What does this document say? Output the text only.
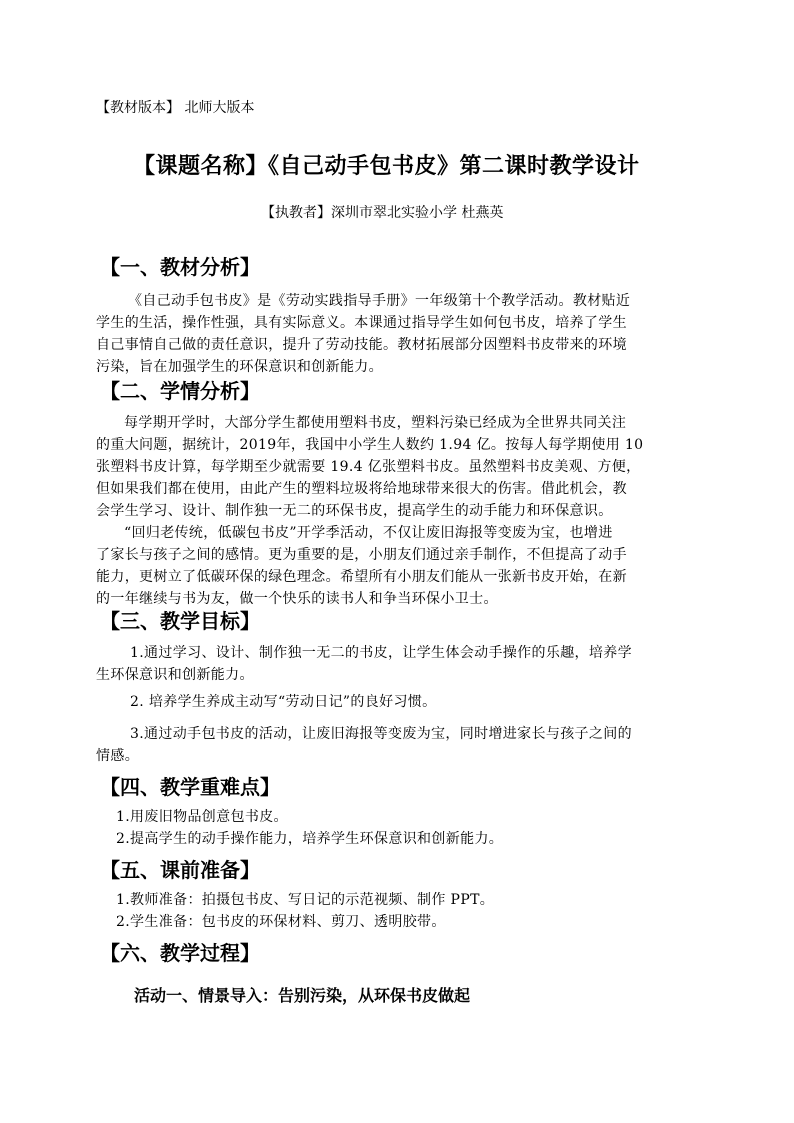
【教材版本】 北师大版本
【课题名称】《自己动手包书皮》第二课时教学设计
【执教者】深圳市翠北实验小学 杜燕英
【一、教材分析】
《自己动手包书皮》是《劳动实践指导手册》一年级第十个教学活动。教材贴近
学生的生活，操作性强，具有实际意义。本课通过指导学生如何包书皮，培养了学生
自己事情自己做的责任意识，提升了劳动技能。教材拓展部分因塑料书皮带来的环境
污染，旨在加强学生的环保意识和创新能力。
【二、学情分析】
每学期开学时，大部分学生都使用塑料书皮，塑料污染已经成为全世界共同关注
的重大问题，据统计，2019年，我国中小学生人数约 1.94 亿。按每人每学期使用 10
张塑料书皮计算，每学期至少就需要 19.4 亿张塑料书皮。虽然塑料书皮美观、方便，
但如果我们都在使用，由此产生的塑料垃圾将给地球带来很大的伤害。借此机会，教
会学生学习、设计、制作独一无二的环保书皮，提高学生的动手能力和环保意识。
“回归老传统，低碳包书皮”开学季活动，不仅让废旧海报等变废为宝，也增进
了家长与孩子之间的感情。更为重要的是，小朋友们通过亲手制作，不但提高了动手
能力，更树立了低碳环保的绿色理念。希望所有小朋友们能从一张新书皮开始，在新
的一年继续与书为友，做一个快乐的读书人和争当环保小卫士。
【三、教学目标】
1.通过学习、设计、制作独一无二的书皮，让学生体会动手操作的乐趣，培养学
生环保意识和创新能力。
2. 培养学生养成主动写“劳动日记”的良好习惯。
3.通过动手包书皮的活动，让废旧海报等变废为宝，同时增进家长与孩子之间的
情感。
【四、教学重难点】
1.用废旧物品创意包书皮。
2.提高学生的动手操作能力，培养学生环保意识和创新能力。
【五、课前准备】
1.教师准备：拍摄包书皮、写日记的示范视频、制作 PPT。
2.学生准备：包书皮的环保材料、剪刀、透明胶带。
【六、教学过程】
活动一、情景导入：告别污染，从环保书皮做起
